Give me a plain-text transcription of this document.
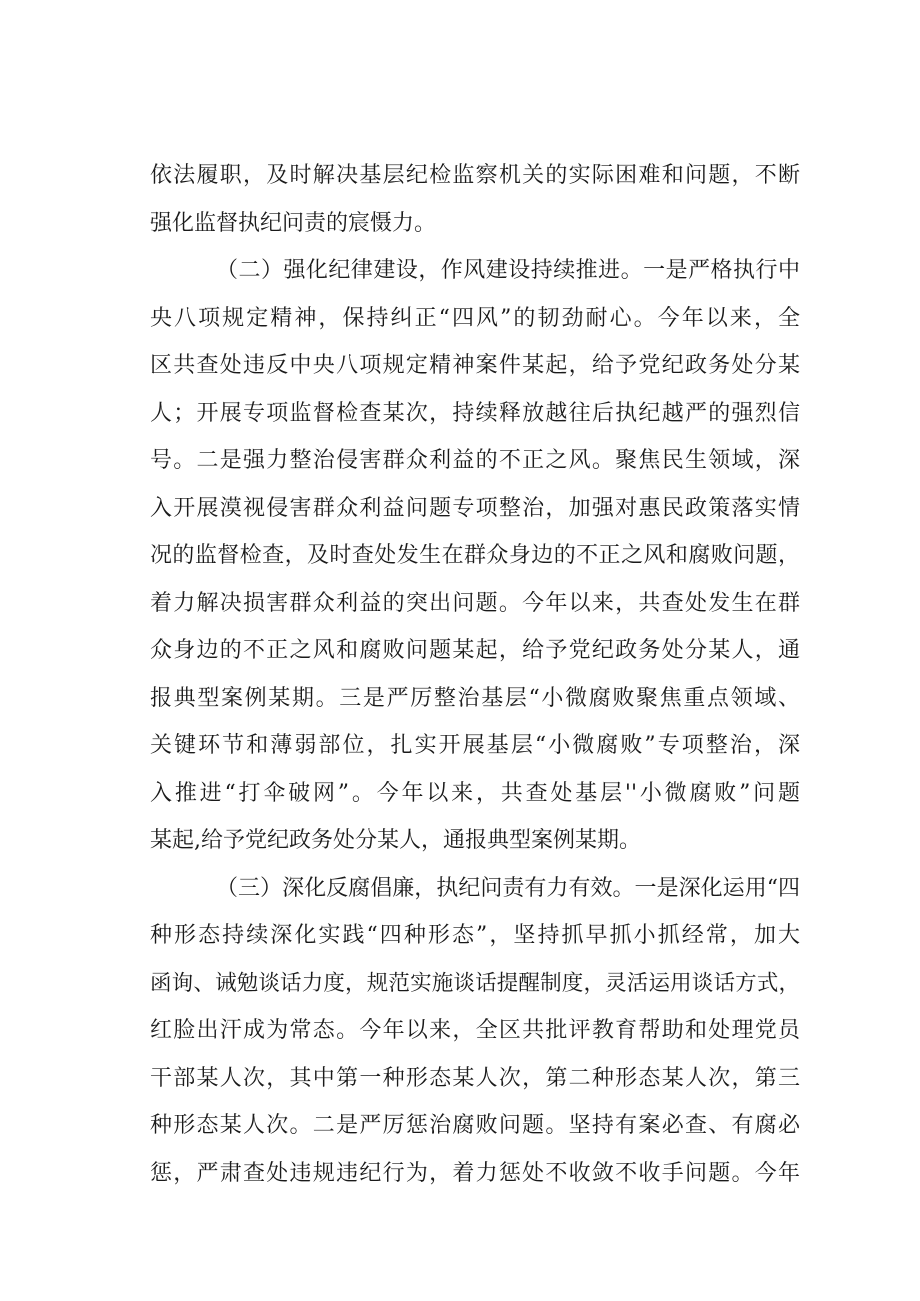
依法履职，及时解决基层纪检监察机关的实际困难和问题，不断
强化监督执纪问责的宸慑力。
（二）强化纪律建设，作风建设持续推进。一是严格执行中
央八项规定精神，保持纠正“四风”的韧劲耐心。今年以来，全
区共查处违反中央八项规定精神案件某起，给予党纪政务处分某
人；开展专项监督检查某次，持续释放越往后执纪越严的强烈信
号。二是强力整治侵害群众利益的不正之风。聚焦民生领域，深
入开展漠视侵害群众利益问题专项整治，加强对惠民政策落实情
况的监督检查，及时查处发生在群众身边的不正之风和腐败问题，
着力解决损害群众利益的突出问题。今年以来，共查处发生在群
众身边的不正之风和腐败问题某起，给予党纪政务处分某人，通
报典型案例某期。三是严厉整治基层“小微腐败聚焦重点领域、
关键环节和薄弱部位，扎实开展基层“小微腐败”专项整治，深
入推进“打伞破网”。今年以来，共查处基层''小微腐败”问题
某起,给予党纪政务处分某人，通报典型案例某期。
（三）深化反腐倡廉，执纪问责有力有效。一是深化运用“四
种形态持续深化实践“四种形态”，坚持抓早抓小抓经常，加大
函询、诫勉谈话力度，规范实施谈话提醒制度，灵活运用谈话方式，
红脸出汗成为常态。今年以来，全区共批评教育帮助和处理党员
干部某人次，其中第一种形态某人次，第二种形态某人次，第三
种形态某人次。二是严厉惩治腐败问题。坚持有案必查、有腐必
惩，严肃查处违规违纪行为，着力惩处不收敛不收手问题。今年
